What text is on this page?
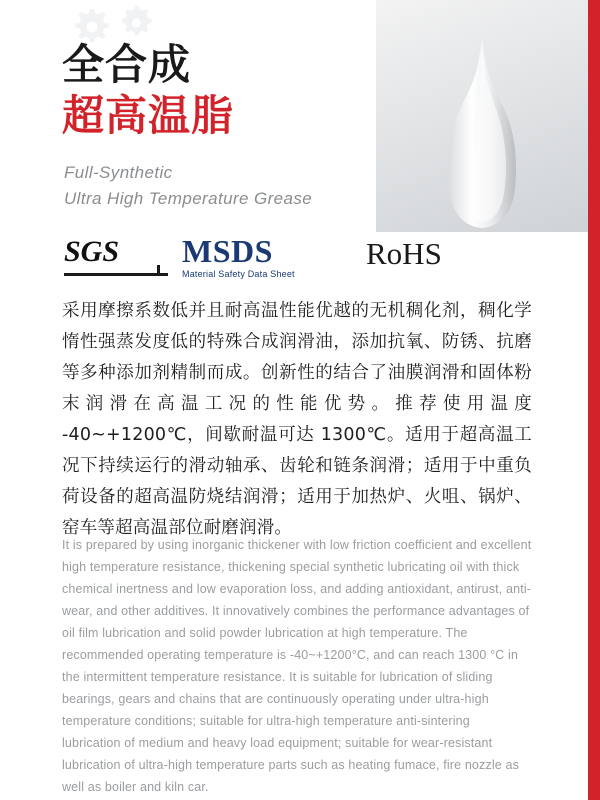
全合成
超高温脂
Full-Synthetic
Ultra High Temperature Grease
SGS	MSDS
Material Safety Data Sheet
RoHS
采用摩擦系数低并且耐高温性能优越的无机稠化剂，稠化学惰性强蒸发度低的特殊合成润滑油，添加抗氧、防锈、抗磨等多种添加剂精制而成。创新性的结合了油膜润滑和固体粉末润滑在高温工况的性能优势。推荐使用温度 -40~+1200℃，间歇耐温可达 1300℃。适用于超高温工况下持续运行的滑动轴承、齿轮和链条润滑；适用于中重负荷设备的超高温防烧结润滑；适用于加热炉、火咀、锅炉、窑车等超高温部位耐磨润滑。
It is prepared by using inorganic thickener with low friction coefficient and excellent high temperature resistance, thickening special synthetic lubricating oil with thick chemical inertness and low evaporation loss, and adding antioxidant, antirust, anti-wear, and other additives. It innovatively combines the performance advantages of oil film lubrication and solid powder lubrication at high temperature. The recommended operating temperature is -40~+1200°C, and can reach 1300 °C in the intermittent temperature resistance. It is suitable for lubrication of sliding bearings, gears and chains that are continuously operating under ultra-high temperature conditions; suitable for ultra-high temperature anti-sintering lubrication of medium and heavy load equipment; suitable for wear-resistant lubrication of ultra-high temperature parts such as heating fumace, fire nozzle as well as boiler and kiln car.
